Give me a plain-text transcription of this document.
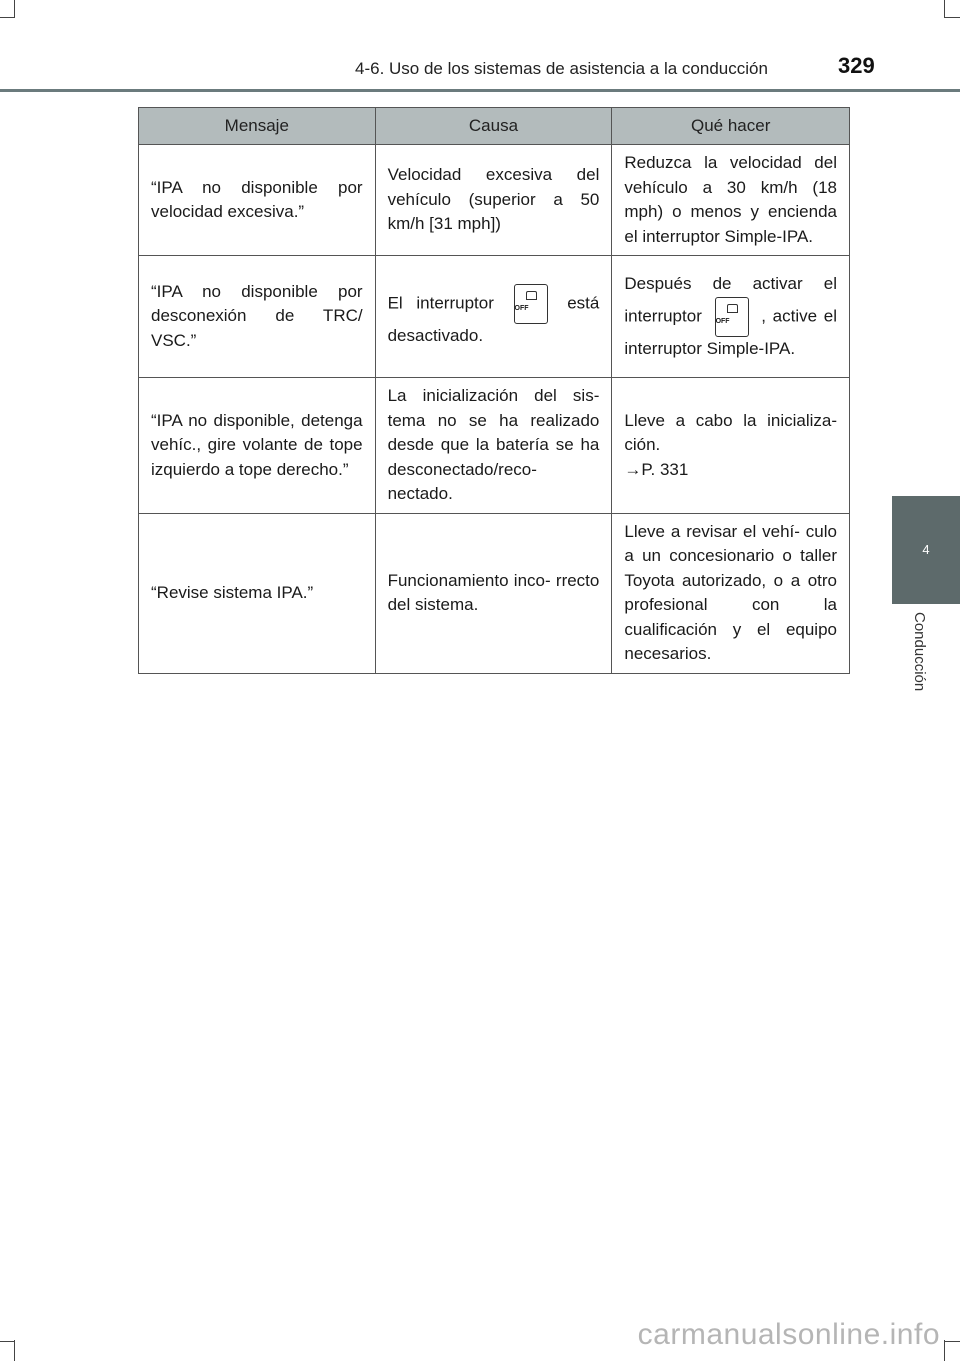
4-6. Uso de los sistemas de asistencia a la conducción	329
4
Conducción
Mensaje	Causa	Qué hacer
“IPA no disponible por velocidad excesiva.”	Velocidad excesiva del vehículo (superior a 50 km/h [31 mph])	Reduzca la velocidad del vehículo a 30 km/h (18 mph) o menos y encienda el interruptor Simple-IPA.
“IPA no disponible por desconexión de TRC/ VSC.”	El interruptor OFF está desactivado.	Después de activar el interruptor OFF , active el interruptor Simple-IPA.
“IPA no disponible, detenga vehíc., gire volante de tope izquierdo a tope derecho.”	La inicialización del sis- tema no se ha realizado desde que la batería se ha desconectado/reco- nectado.	Lleve a cabo la inicializa- ción.
→P. 331

“Revise sistema IPA.”	Funcionamiento inco- rrecto del sistema.	Lleve a revisar el vehí- culo a un concesionario o taller Toyota autorizado, o a otro profesional con la cualificación y el equipo necesarios.
carmanualsonline.info
